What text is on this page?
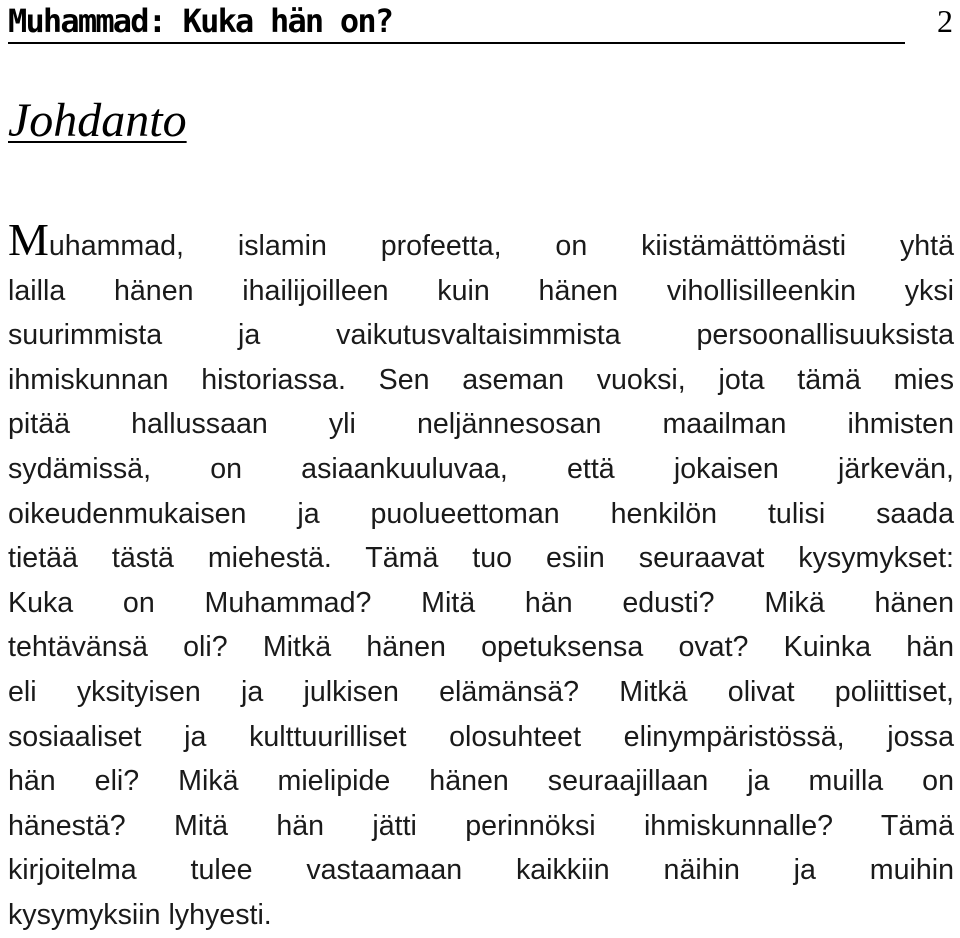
Muhammad: Kuka hän on?	2
Johdanto
Muhammad, islamin profeetta, on kiistämättömästi yhtä
lailla hänen ihailijoilleen kuin hänen vihollisilleenkin yksi
suurimmista ja vaikutusvaltaisimmista persoonallisuuksista
ihmiskunnan historiassa. Sen aseman vuoksi, jota tämä mies
pitää hallussaan yli neljännesosan maailman ihmisten
sydämissä, on asiaankuuluvaa, että jokaisen järkevän,
oikeudenmukaisen ja puolueettoman henkilön tulisi saada
tietää tästä miehestä. Tämä tuo esiin seuraavat kysymykset:
Kuka on Muhammad? Mitä hän edusti? Mikä hänen
tehtävänsä oli? Mitkä hänen opetuksensa ovat? Kuinka hän
eli yksityisen ja julkisen elämänsä? Mitkä olivat poliittiset,
sosiaaliset ja kulttuurilliset olosuhteet elinympäristössä, jossa
hän eli? Mikä mielipide hänen seuraajillaan ja muilla on
hänestä? Mitä hän jätti perinnöksi ihmiskunnalle? Tämä
kirjoitelma tulee vastaamaan kaikkiin näihin ja muihin
kysymyksiin lyhyesti.
